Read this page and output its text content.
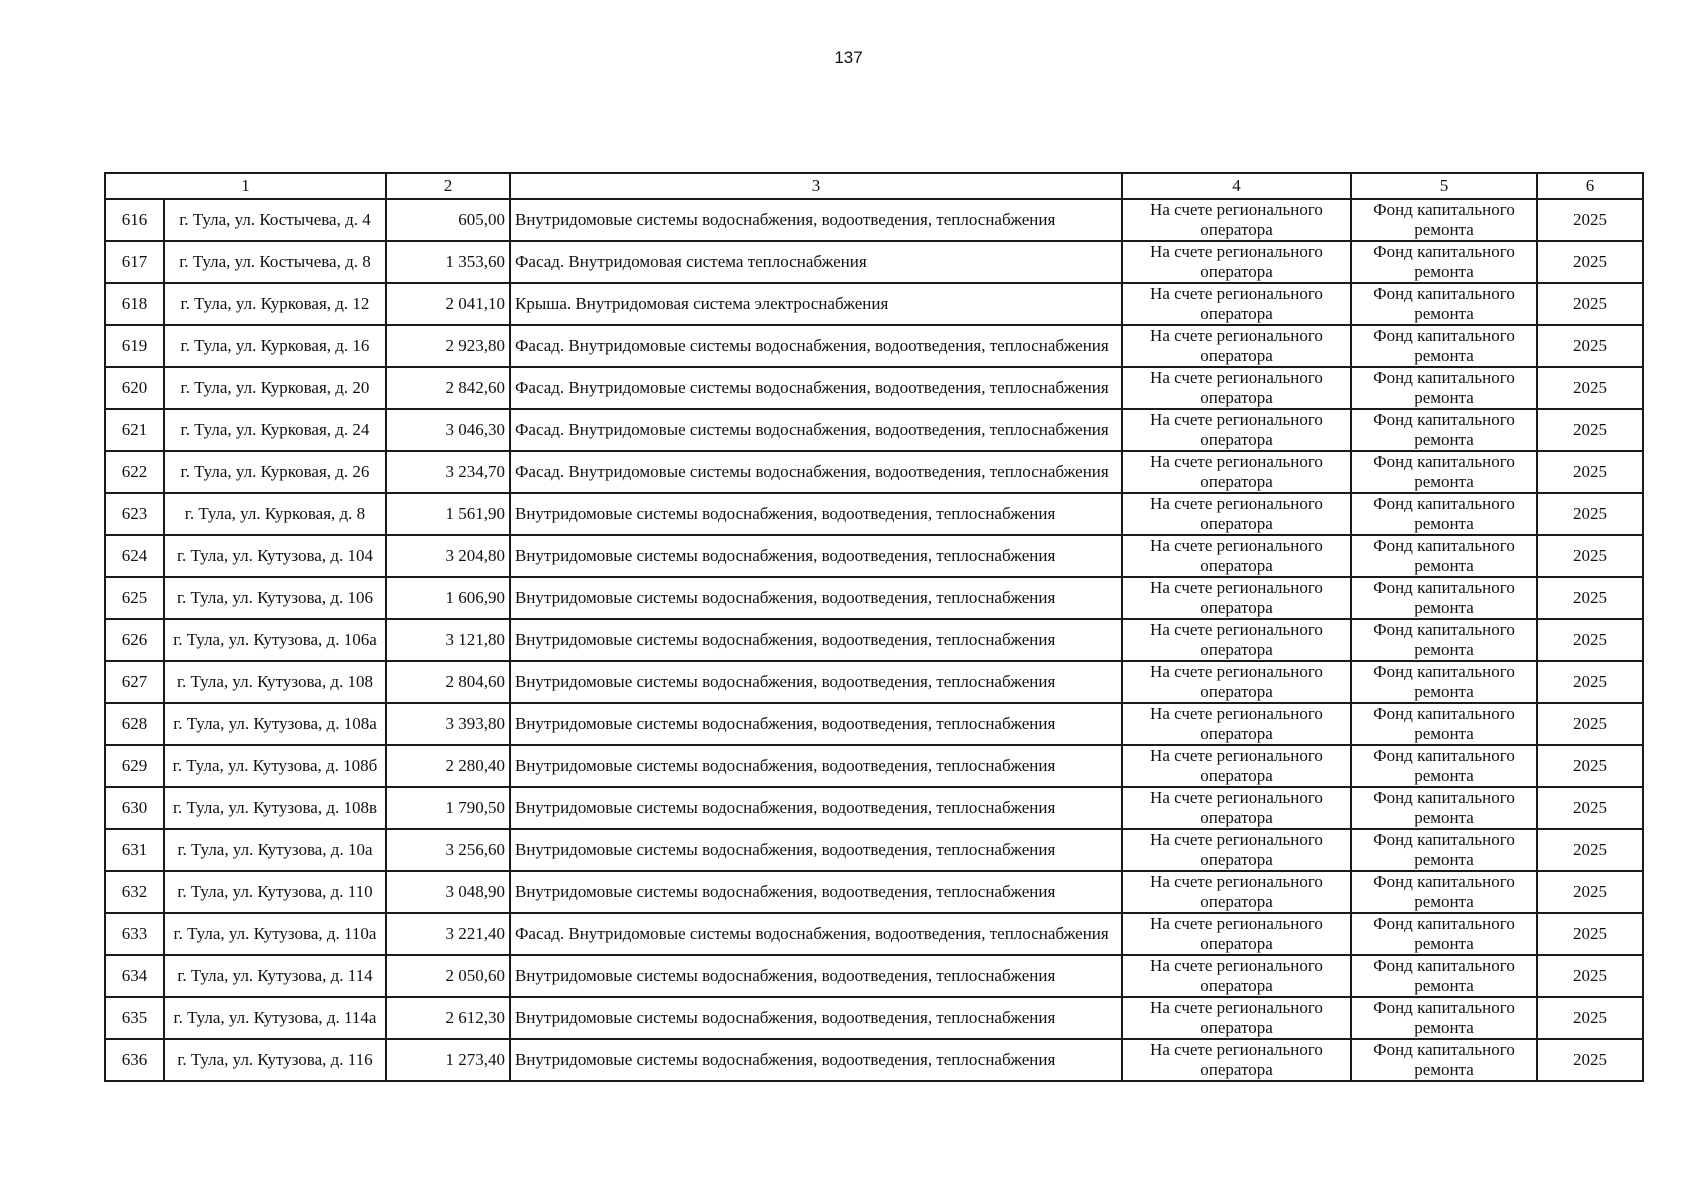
137
1		2	3	4	5	6
616	г. Тула, ул. Костычева, д. 4	605,00	Внутридомовые системы водоснабжения, водоотведения, теплоснабжения	На счете регионального оператора	Фонд капитального ремонта	2025
617	г. Тула, ул. Костычева, д. 8	1 353,60	Фасад. Внутридомовая система теплоснабжения	На счете регионального оператора	Фонд капитального ремонта	2025
618	г. Тула, ул. Курковая, д. 12	2 041,10	Крыша. Внутридомовая система электроснабжения	На счете регионального оператора	Фонд капитального ремонта	2025
619	г. Тула, ул. Курковая, д. 16	2 923,80	Фасад. Внутридомовые системы водоснабжения, водоотведения, теплоснабжения	На счете регионального оператора	Фонд капитального ремонта	2025
620	г. Тула, ул. Курковая, д. 20	2 842,60	Фасад. Внутридомовые системы водоснабжения, водоотведения, теплоснабжения	На счете регионального оператора	Фонд капитального ремонта	2025
621	г. Тула, ул. Курковая, д. 24	3 046,30	Фасад. Внутридомовые системы водоснабжения, водоотведения, теплоснабжения	На счете регионального оператора	Фонд капитального ремонта	2025
622	г. Тула, ул. Курковая, д. 26	3 234,70	Фасад. Внутридомовые системы водоснабжения, водоотведения, теплоснабжения	На счете регионального оператора	Фонд капитального ремонта	2025
623	г. Тула, ул. Курковая, д. 8	1 561,90	Внутридомовые системы водоснабжения, водоотведения, теплоснабжения	На счете регионального оператора	Фонд капитального ремонта	2025
624	г. Тула, ул. Кутузова, д. 104	3 204,80	Внутридомовые системы водоснабжения, водоотведения, теплоснабжения	На счете регионального оператора	Фонд капитального ремонта	2025
625	г. Тула, ул. Кутузова, д. 106	1 606,90	Внутридомовые системы водоснабжения, водоотведения, теплоснабжения	На счете регионального оператора	Фонд капитального ремонта	2025
626	г. Тула, ул. Кутузова, д. 106а	3 121,80	Внутридомовые системы водоснабжения, водоотведения, теплоснабжения	На счете регионального оператора	Фонд капитального ремонта	2025
627	г. Тула, ул. Кутузова, д. 108	2 804,60	Внутридомовые системы водоснабжения, водоотведения, теплоснабжения	На счете регионального оператора	Фонд капитального ремонта	2025
628	г. Тула, ул. Кутузова, д. 108а	3 393,80	Внутридомовые системы водоснабжения, водоотведения, теплоснабжения	На счете регионального оператора	Фонд капитального ремонта	2025
629	г. Тула, ул. Кутузова, д. 108б	2 280,40	Внутридомовые системы водоснабжения, водоотведения, теплоснабжения	На счете регионального оператора	Фонд капитального ремонта	2025
630	г. Тула, ул. Кутузова, д. 108в	1 790,50	Внутридомовые системы водоснабжения, водоотведения, теплоснабжения	На счете регионального оператора	Фонд капитального ремонта	2025
631	г. Тула, ул. Кутузова, д. 10а	3 256,60	Внутридомовые системы водоснабжения, водоотведения, теплоснабжения	На счете регионального оператора	Фонд капитального ремонта	2025
632	г. Тула, ул. Кутузова, д. 110	3 048,90	Внутридомовые системы водоснабжения, водоотведения, теплоснабжения	На счете регионального оператора	Фонд капитального ремонта	2025
633	г. Тула, ул. Кутузова, д. 110а	3 221,40	Фасад. Внутридомовые системы водоснабжения, водоотведения, теплоснабжения	На счете регионального оператора	Фонд капитального ремонта	2025
634	г. Тула, ул. Кутузова, д. 114	2 050,60	Внутридомовые системы водоснабжения, водоотведения, теплоснабжения	На счете регионального оператора	Фонд капитального ремонта	2025
635	г. Тула, ул. Кутузова, д. 114а	2 612,30	Внутридомовые системы водоснабжения, водоотведения, теплоснабжения	На счете регионального оператора	Фонд капитального ремонта	2025
636	г. Тула, ул. Кутузова, д. 116	1 273,40	Внутридомовые системы водоснабжения, водоотведения, теплоснабжения	На счете регионального оператора	Фонд капитального ремонта	2025
